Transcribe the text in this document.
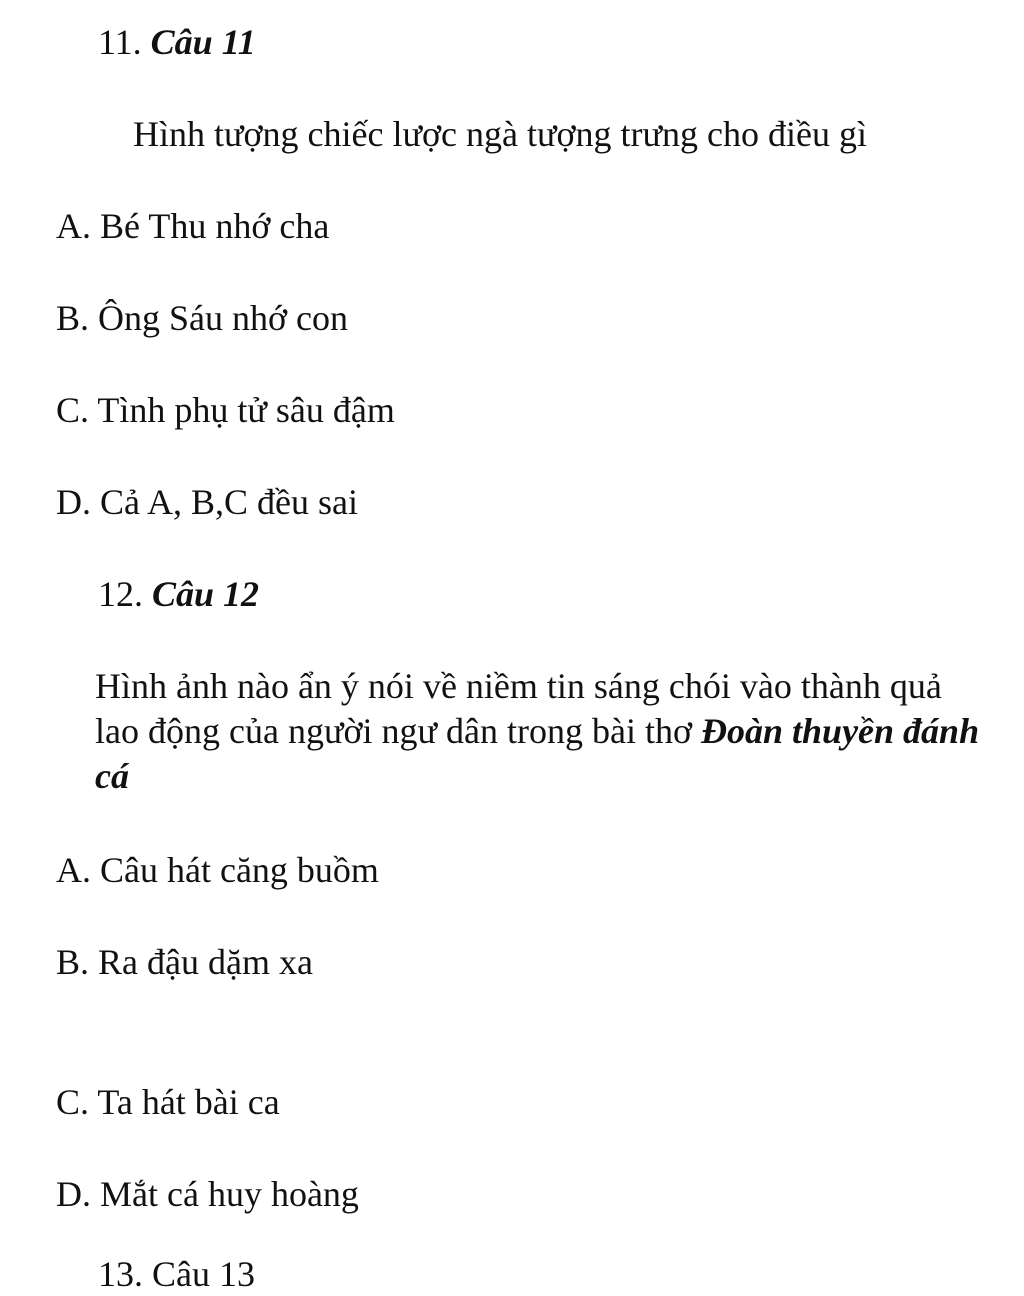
11. Câu 11
Hình tượng chiếc lược ngà tượng trưng cho điều gì
A. Bé Thu nhớ cha
B. Ông Sáu nhớ con
C. Tình phụ tử sâu đậm
D. Cả A, B,C đều sai
12. Câu 12
Hình ảnh nào ẩn ý nói về niềm tin sáng chói vào thành quả lao động của người ngư dân trong bài thơ Đoàn thuyền đánh cá
A. Câu hát căng buồm
B. Ra đậu dặm xa
C. Ta hát bài ca
D. Mắt cá huy hoàng
13. Câu 13
